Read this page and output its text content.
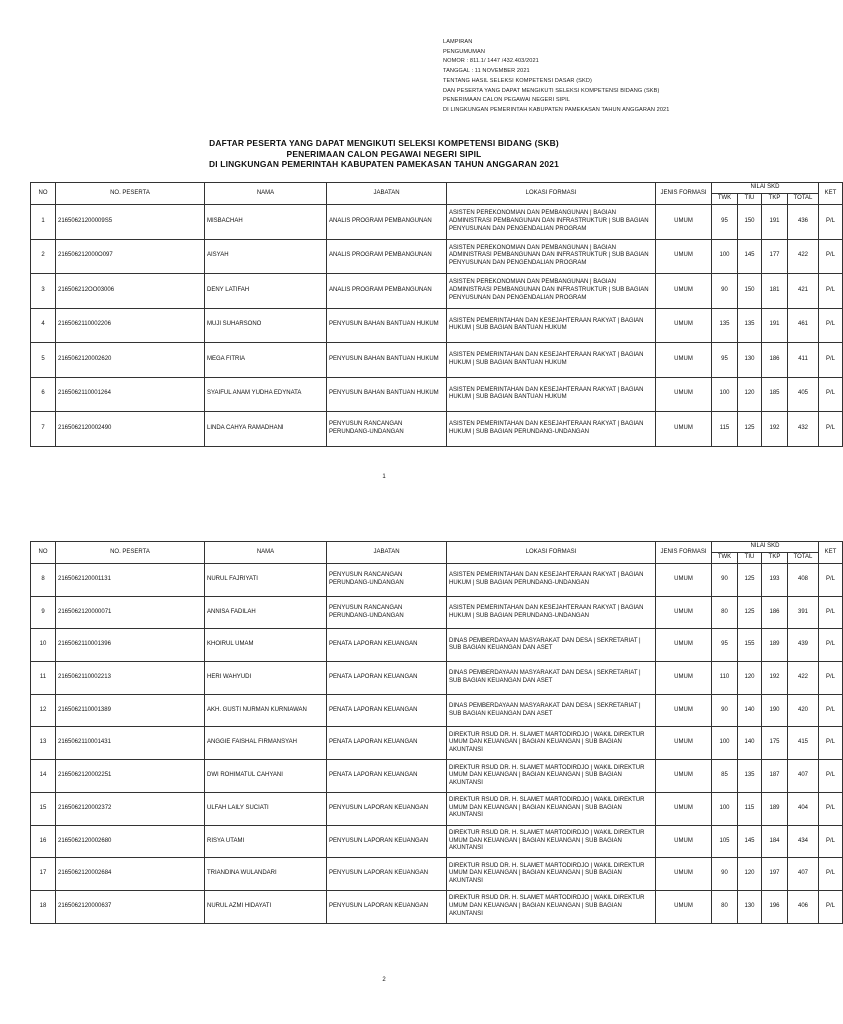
LAMPIRAN
PENGUMUMAN
NOMOR : 811.1/ 1447 /432.403/2021
TANGGAL : 11 NOVEMBER 2021
TENTANG HASIL SELEKSI KOMPETENSI DASAR (SKD)
DAN PESERTA YANG DAPAT MENGIKUTI SELEKSI KOMPETENSI BIDANG (SKB)
PENERIMAAN CALON PEGAWAI NEGERI SIPIL
DI LINGKUNGAN PEMERINTAH KABUPATEN PAMEKASAN TAHUN ANGGARAN 2021
DAFTAR PESERTA YANG DAPAT MENGIKUTI SELEKSI KOMPETENSI BIDANG (SKB)
PENERIMAAN CALON PEGAWAI NEGERI SIPIL
DI LINGKUNGAN PEMERINTAH KABUPATEN PAMEKASAN TAHUN ANGGARAN 2021
NO	NO. PESERTA	NAMA	JABATAN	LOKASI FORMASI	JENIS FORMASI	NILAI SKD				KET
						TWK	TIU	TKP	TOTAL	
1	21650621200009S5	MISBACHAH	ANALIS PROGRAM PEMBANGUNAN	ASISTEN PEREKONOMIAN DAN PEMBANGUNAN | BAGIAN ADMINISTRASI PEMBANGUNAN DAN INFRASTRUKTUR | SUB BAGIAN PENYUSUNAN DAN PENGENDALIAN PROGRAM	UMUM	95	150	191	436	P/L
2	216506212000O097	AISYAH	ANALIS PROGRAM PEMBANGUNAN	ASISTEN PEREKONOMIAN DAN PEMBANGUNAN | BAGIAN ADMINISTRASI PEMBANGUNAN DAN INFRASTRUKTUR | SUB BAGIAN PENYUSUNAN DAN PENGENDALIAN PROGRAM	UMUM	100	145	177	422	P/L
3	216506212OO03006	DENY LATIFAH	ANALIS PROGRAM PEMBANGUNAN	ASISTEN PEREKONOMIAN DAN PEMBANGUNAN | BAGIAN ADMINISTRASI PEMBANGUNAN DAN INFRASTRUKTUR | SUB BAGIAN PENYUSUNAN DAN PENGENDALIAN PROGRAM	UMUM	90	150	181	421	P/L
4	2165062110002206	MUJI SUHARSONO	PENYUSUN BAHAN BANTUAN HUKUM	ASISTEN PEMERINTAHAN DAN KESEJAHTERAAN RAKYAT | BAGIAN HUKUM | SUB BAGIAN BANTUAN HUKUM	UMUM	135	135	191	461	P/L
5	2165062120002620	MEGA FITRIA	PENYUSUN BAHAN BANTUAN HUKUM	ASISTEN PEMERINTAHAN DAN KESEJAHTERAAN RAKYAT | BAGIAN HUKUM | SUB BAGIAN BANTUAN HUKUM	UMUM	95	130	186	411	P/L
6	2165062110001264	SYAIFUL ANAM YUDHA EDYNATA	PENYUSUN BAHAN BANTUAN HUKUM	ASISTEN PEMERINTAHAN DAN KESEJAHTERAAN RAKYAT | BAGIAN HUKUM | SUB BAGIAN BANTUAN HUKUM	UMUM	100	120	185	405	P/L
7	2165062120002490	LINDA CAHYA RAMADHANI	PENYUSUN RANCANGAN PERUNDANG-UNDANGAN	ASISTEN PEMERINTAHAN DAN KESEJAHTERAAN RAKYAT | BAGIAN HUKUM | SUB BAGIAN PERUNDANG-UNDANGAN	UMUM	115	125	192	432	P/L
1
NO	NO. PESERTA	NAMA	JABATAN	LOKASI FORMASI	JENIS FORMASI	NILAI SKD				KET
						TWK	TIU	TKP	TOTAL	
8	2165062120001131	NURUL FAJRIYATI	PENYUSUN RANCANGAN PERUNDANG-UNDANGAN	ASISTEN PEMERINTAHAN DAN KESEJAHTERAAN RAKYAT | BAGIAN HUKUM | SUB BAGIAN PERUNDANG-UNDANGAN	UMUM	90	125	193	408	P/L
9	2165062120000071	ANNISA FADILAH	PENYUSUN RANCANGAN PERUNDANG-UNDANGAN	ASISTEN PEMERINTAHAN DAN KESEJAHTERAAN RAKYAT | BAGIAN HUKUM | SUB BAGIAN PERUNDANG-UNDANGAN	UMUM	80	125	186	391	P/L
10	2165062110001396	KHOIRUL UMAM	PENATA LAPORAN KEUANGAN	DINAS PEMBERDAYAAN MASYARAKAT DAN DESA | SEKRETARIAT | SUB BAGIAN KEUANGAN DAN ASET	UMUM	95	155	189	439	P/L
11	2165062110002213	HERI WAHYUDI	PENATA LAPORAN KEUANGAN	DINAS PEMBERDAYAAN MASYARAKAT DAN DESA | SEKRETARIAT | SUB BAGIAN KEUANGAN DAN ASET	UMUM	110	120	192	422	P/L
12	2165062110001389	AKH. GUSTI NURMAN KURNIAWAN	PENATA LAPORAN KEUANGAN	DINAS PEMBERDAYAAN MASYARAKAT DAN DESA | SEKRETARIAT | SUB BAGIAN KEUANGAN DAN ASET	UMUM	90	140	190	420	P/L
13	2165062110001431	ANGGIE FAISHAL FIRMANSYAH	PENATA LAPORAN KEUANGAN	DIREKTUR RSUD DR. H. SLAMET MARTODIRDJO | WAKIL DIREKTUR UMUM DAN KEUANGAN | BAGIAN KEUANGAN | SUB BAGIAN AKUNTANSI	UMUM	100	140	175	415	P/L
14	2165062120002251	DWI ROHIMATUL CAHYANI	PENATA LAPORAN KEUANGAN	DIREKTUR RSUD DR. H. SLAMET MARTODIRDJO | WAKIL DIREKTUR UMUM DAN KEUANGAN | BAGIAN KEUANGAN | SUB BAGIAN AKUNTANSI	UMUM	85	135	187	407	P/L
15	2165062120002372	ULFAH LAILY SUCIATI	PENYUSUN LAPORAN KEUANGAN	DIREKTUR RSUD DR. H. SLAMET MARTODIRDJO | WAKIL DIREKTUR UMUM DAN KEUANGAN | BAGIAN KEUANGAN | SUB BAGIAN AKUNTANSI	UMUM	100	115	189	404	P/L
16	2165062120002680	RISYA UTAMI	PENYUSUN LAPORAN KEUANGAN	DIREKTUR RSUD DR. H. SLAMET MARTODIRDJO | WAKIL DIREKTUR UMUM DAN KEUANGAN | BAGIAN KEUANGAN | SUB BAGIAN AKUNTANSI	UMUM	105	145	184	434	P/L
17	2165062120002684	TRIANDINA WULANDARI	PENYUSUN LAPORAN KEUANGAN	DIREKTUR RSUD DR. H. SLAMET MARTODIRDJO | WAKIL DIREKTUR UMUM DAN KEUANGAN | BAGIAN KEUANGAN | SUB BAGIAN AKUNTANSI	UMUM	90	120	197	407	P/L
18	2165062120000637	NURUL AZMI HIDAYATI	PENYUSUN LAPORAN KEUANGAN	DIREKTUR RSUD DR. H. SLAMET MARTODIRDJO | WAKIL DIREKTUR UMUM DAN KEUANGAN | BAGIAN KEUANGAN | SUB BAGIAN AKUNTANSI	UMUM	80	130	196	406	P/L
2
